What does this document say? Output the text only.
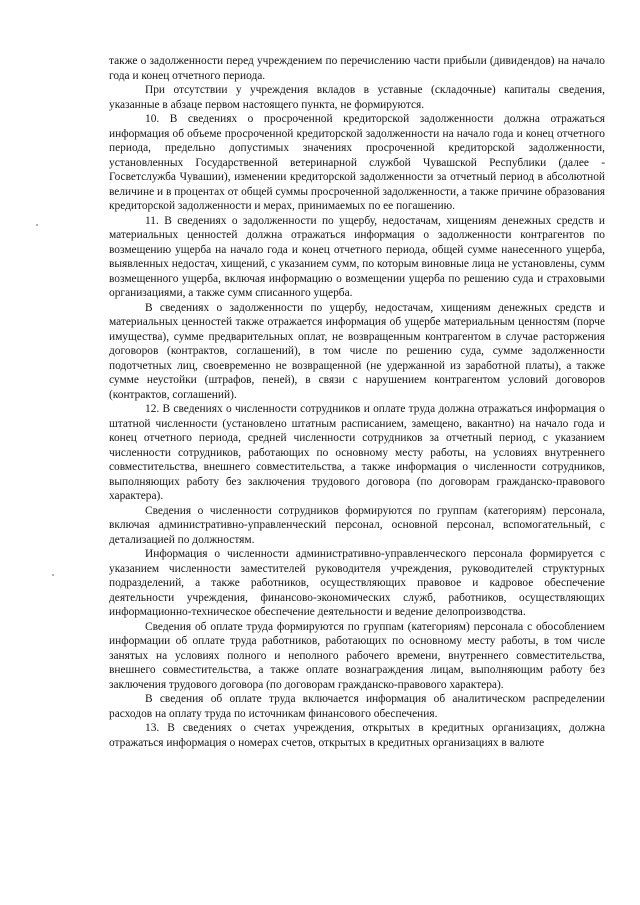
также о задолженности перед учреждением по перечислению части прибыли (дивидендов) на начало года и конец отчетного периода.

При отсутствии у учреждения вкладов в уставные (складочные) капиталы сведения, указанные в абзаце первом настоящего пункта, не формируются.

10. В сведениях о просроченной кредиторской задолженности должна отражаться информация об объеме просроченной кредиторской задолженности на начало года и конец отчетного периода, предельно допустимых значениях просроченной кредиторской задолженности, установленных Государственной ветеринарной службой Чувашской Республики (далее - Госветслужба Чувашии), изменении кредиторской задолженности за отчетный период в абсолютной величине и в процентах от общей суммы просроченной задолженности, а также причине образования кредиторской задолженности и мерах, принимаемых по ее погашению.

11. В сведениях о задолженности по ущербу, недостачам, хищениям денежных средств и материальных ценностей должна отражаться информация о задолженности контрагентов по возмещению ущерба на начало года и конец отчетного периода, общей сумме нанесенного ущерба, выявленных недостач, хищений, с указанием сумм, по которым виновные лица не установлены, сумм возмещенного ущерба, включая информацию о возмещении ущерба по решению суда и страховыми организациями, а также сумм списанного ущерба.

В сведениях о задолженности по ущербу, недостачам, хищениям денежных средств и материальных ценностей также отражается информация об ущербе материальным ценностям (порче имущества), сумме предварительных оплат, не возвращенным контрагентом в случае расторжения договоров (контрактов, соглашений), в том числе по решению суда, сумме задолженности подотчетных лиц, своевременно не возвращенной (не удержанной из заработной платы), а также сумме неустойки (штрафов, пеней), в связи с нарушением контрагентом условий договоров (контрактов, соглашений).

12. В сведениях о численности сотрудников и оплате труда должна отражаться информация о штатной численности (установлено штатным расписанием, замещено, вакантно) на начало года и конец отчетного периода, средней численности сотрудников за отчетный период, с указанием численности сотрудников, работающих по основному месту работы, на условиях внутреннего совместительства, внешнего совместительства, а также информация о численности сотрудников, выполняющих работу без заключения трудового договора (по договорам гражданско-правового характера).

Сведения о численности сотрудников формируются по группам (категориям) персонала, включая административно-управленческий персонал, основной персонал, вспомогательный, с детализацией по должностям.

Информация о численности административно-управленческого персонала формируется с указанием численности заместителей руководителя учреждения, руководителей структурных подразделений, а также работников, осуществляющих правовое и кадровое обеспечение деятельности учреждения, финансово-экономических служб, работников, осуществляющих информационно-техническое обеспечение деятельности и ведение делопроизводства.

Сведения об оплате труда формируются по группам (категориям) персонала с обособлением информации об оплате труда работников, работающих по основному месту работы, в том числе занятых на условиях полного и неполного рабочего времени, внутреннего совместительства, внешнего совместительства, а также оплате вознаграждения лицам, выполняющим работу без заключения трудового договора (по договорам гражданско-правового характера).

В сведения об оплате труда включается информация об аналитическом распределении расходов на оплату труда по источникам финансового обеспечения.

13. В сведениях о счетах учреждения, открытых в кредитных организациях, должна отражаться информация о номерах счетов, открытых в кредитных организациях в валюте
